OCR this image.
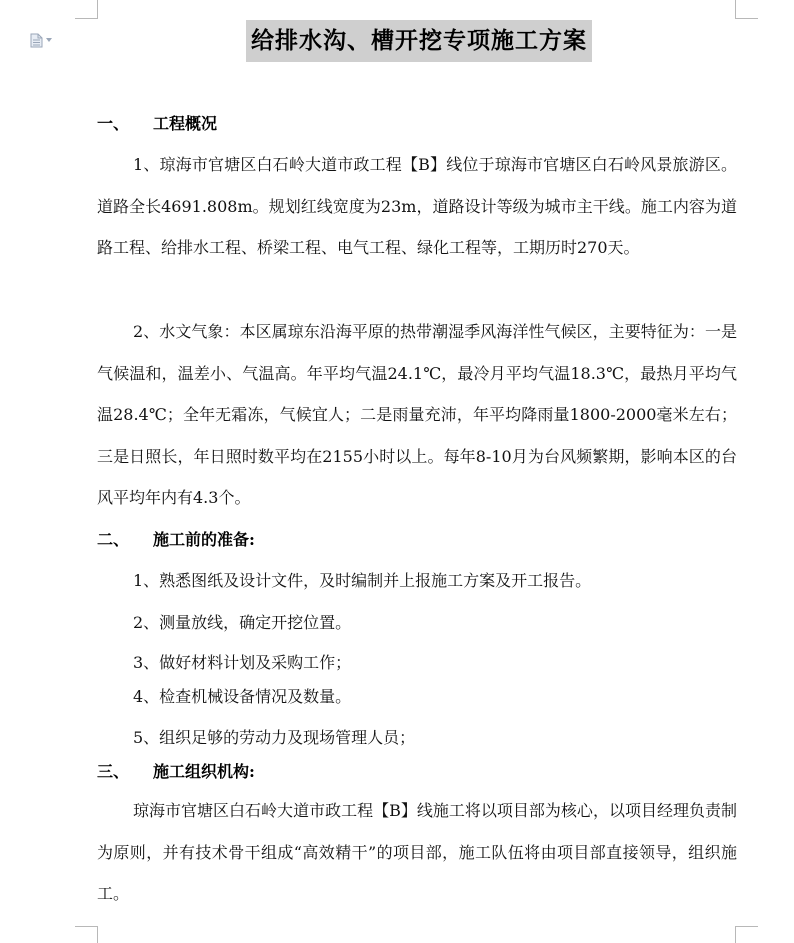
给排水沟、槽开挖专项施工方案
一、 工程概况
1、琼海市官塘区白石岭大道市政工程【B】线位于琼海市官塘区白石岭风景旅游区。道路全长4691.808m。规划红线宽度为23m，道路设计等级为城市主干线。施工内容为道路工程、给排水工程、桥梁工程、电气工程、绿化工程等，工期历时270天。
2、水文气象：本区属琼东沿海平原的热带潮湿季风海洋性气候区，主要特征为：一是气候温和，温差小、气温高。年平均气温24.1℃，最冷月平均气温18.3℃，最热月平均气温28.4℃；全年无霜冻，气候宜人；二是雨量充沛，年平均降雨量1800-2000毫米左右；三是日照长，年日照时数平均在2155小时以上。每年8-10月为台风频繁期，影响本区的台风平均年内有4.3个。
二、 施工前的准备:
1、熟悉图纸及设计文件，及时编制并上报施工方案及开工报告。
2、测量放线，确定开挖位置。
3、做好材料计划及采购工作；
4、检查机械设备情况及数量。
5、组织足够的劳动力及现场管理人员；
三、 施工组织机构:
琼海市官塘区白石岭大道市政工程【B】线施工将以项目部为核心，以项目经理负责制为原则，并有技术骨干组成“高效精干”的项目部，施工队伍将由项目部直接领导，组织施工。
